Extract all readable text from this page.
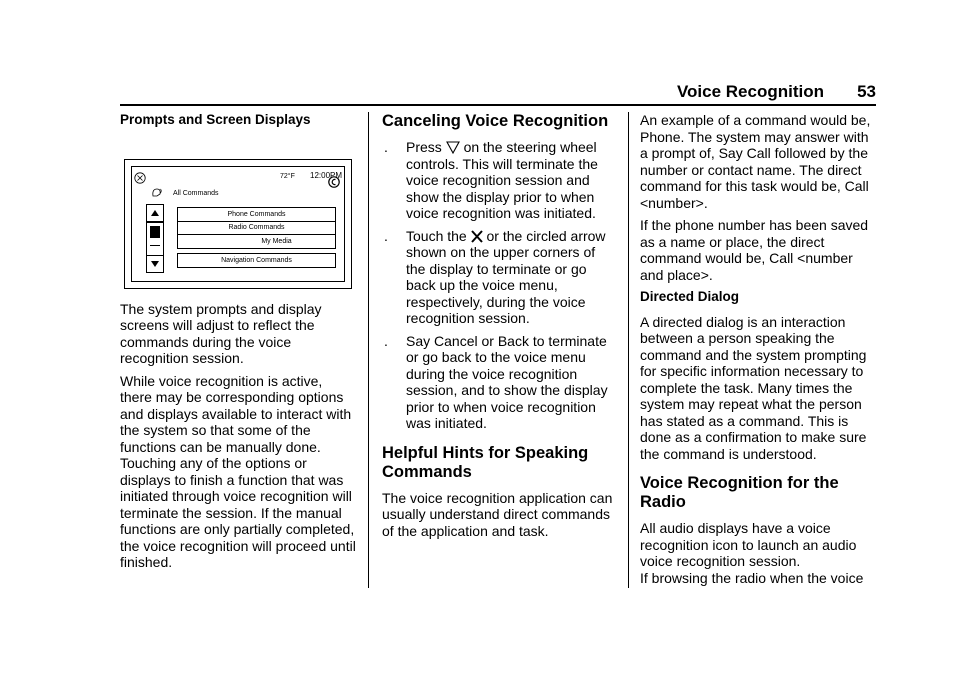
Voice Recognition 53
Prompts and Screen Displays
72°F 12:00PM
All Commands
Phone Commands
Radio Commands
My Media
Navigation Commands

The system prompts and display screens will adjust to reflect the commands during the voice recognition session.

While voice recognition is active, there may be corresponding options and displays available to interact with the system so that some of the functions can be manually done. Touching any of the options or displays to finish a function that was initiated through voice recognition will terminate the session. If the manual functions are only partially completed, the voice recognition will proceed until finished.

Canceling Voice Recognition
. Press on the steering wheel controls. This will terminate the voice recognition session and show the display prior to when voice recognition was initiated.
. Touch the or the circled arrow shown on the upper corners of the display to terminate or go back up the voice menu, respectively, during the voice recognition session.
. Say Cancel or Back to terminate or go back to the voice menu during the voice recognition session, and to show the display prior to when voice recognition was initiated.
Helpful Hints for Speaking Commands

The voice recognition application can usually understand direct commands of the application and task.

An example of a command would be, Phone. The system may answer with a prompt of, Say Call followed by the number or contact name. The direct command for this task would be, Call <number>.

If the phone number has been saved as a name or place, the direct command would be, Call <number and place>.

Directed Dialog

A directed dialog is an interaction between a person speaking the command and the system prompting for specific information necessary to complete the task. Many times the system may repeat what the person has stated as a command. This is done as a confirmation to make sure the command is understood.

Voice Recognition for the Radio

All audio displays have a voice recognition icon to launch an audio voice recognition session.

If browsing the radio when the voice
